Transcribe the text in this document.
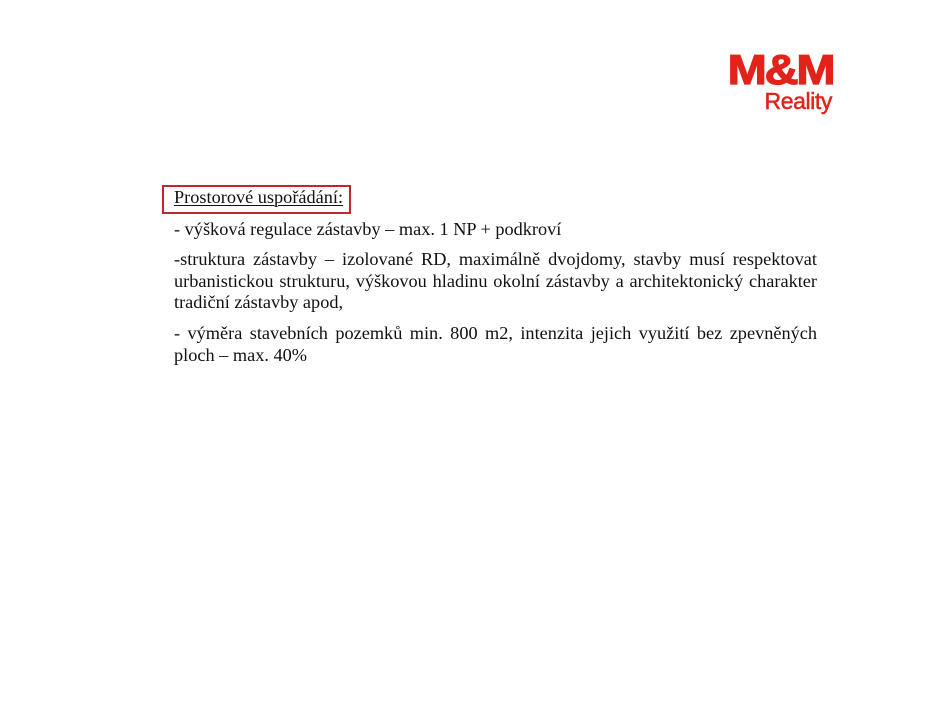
M&M
Reality
Prostorové uspořádání:
- výšková regulace zástavby – max. 1 NP + podkroví
-struktura zástavby – izolované RD, maximálně dvojdomy, stavby musí respektovat
urbanistickou strukturu, výškovou hladinu okolní zástavby a architektonický charakter
tradiční zástavby apod,
- výměra stavebních pozemků min. 800 m2, intenzita jejich využití bez zpevněných
ploch – max. 40%
